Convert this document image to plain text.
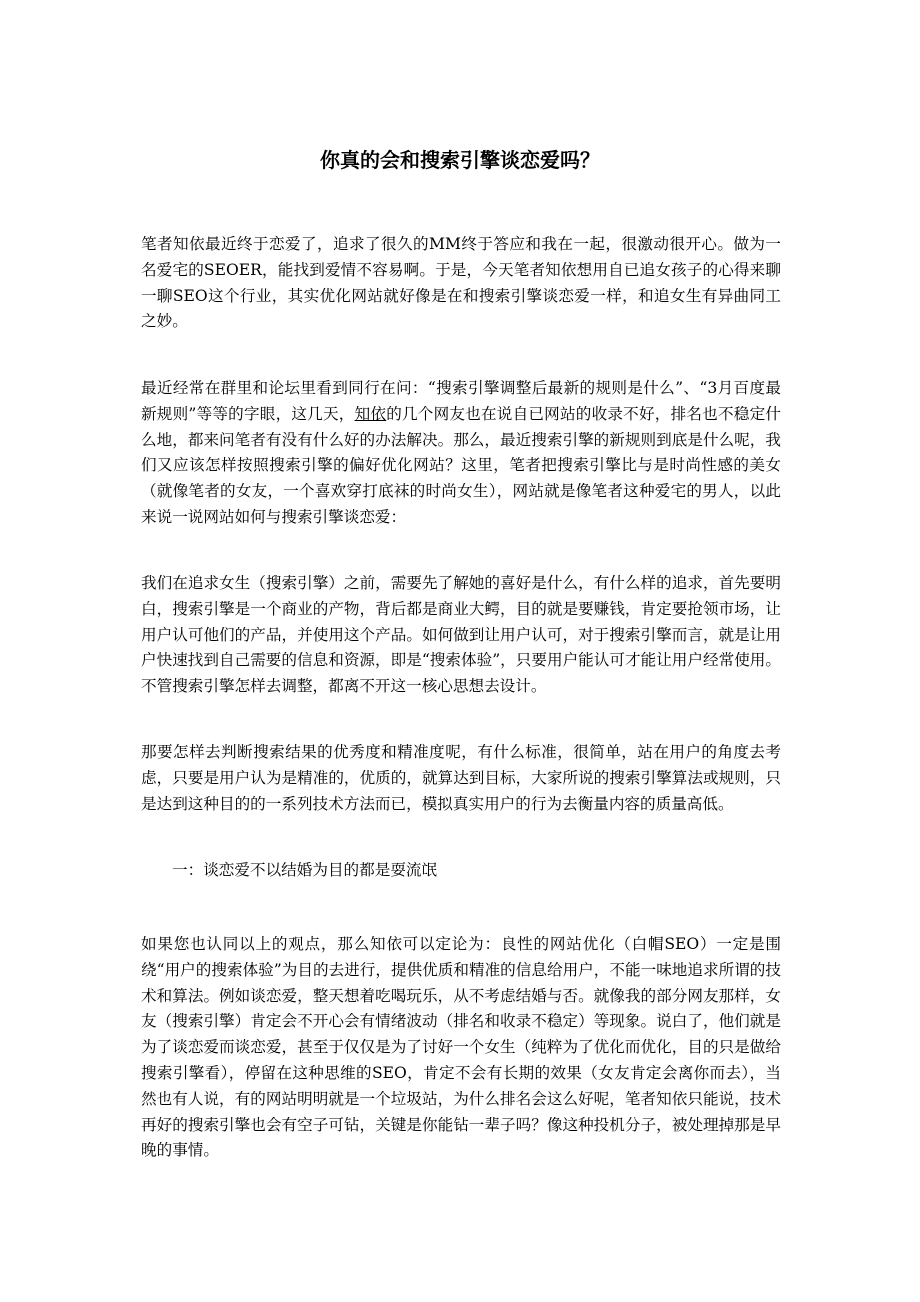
你真的会和搜索引擎谈恋爱吗？

笔者知依最近终于恋爱了，追求了很久的MM终于答应和我在一起，很激动很开心。做为一名爱宅的SEOER，能找到爱情不容易啊。于是，今天笔者知依想用自已追女孩子的心得来聊一聊SEO这个行业，其实优化网站就好像是在和搜索引擎谈恋爱一样，和追女生有异曲同工之妙。

最近经常在群里和论坛里看到同行在问：“搜索引擎调整后最新的规则是什么”、“3月百度最新规则”等等的字眼，这几天，知依的几个网友也在说自已网站的收录不好，排名也不稳定什么地，都来问笔者有没有什么好的办法解决。那么，最近搜索引擎的新规则到底是什么呢，我们又应该怎样按照搜索引擎的偏好优化网站？这里，笔者把搜索引擎比与是时尚性感的美女（就像笔者的女友，一个喜欢穿打底袜的时尚女生），网站就是像笔者这种爱宅的男人，以此来说一说网站如何与搜索引擎谈恋爱：

我们在追求女生（搜索引擎）之前，需要先了解她的喜好是什么，有什么样的追求，首先要明白，搜索引擎是一个商业的产物，背后都是商业大鳄，目的就是要赚钱，肯定要抢领市场，让用户认可他们的产品，并使用这个产品。如何做到让用户认可，对于搜索引擎而言，就是让用户快速找到自己需要的信息和资源，即是“搜索体验”，只要用户能认可才能让用户经常使用。不管搜索引擎怎样去调整，都离不开这一核心思想去设计。

那要怎样去判断搜索结果的优秀度和精准度呢，有什么标准，很简单，站在用户的角度去考虑，只要是用户认为是精准的，优质的，就算达到目标，大家所说的搜索引擎算法或规则，只是达到这种目的的一系列技术方法而已，模拟真实用户的行为去衡量内容的质量高低。

一：谈恋爱不以结婚为目的都是耍流氓

如果您也认同以上的观点，那么知依可以定论为：良性的网站优化（白帽SEO）一定是围绕“用户的搜索体验”为目的去进行，提供优质和精准的信息给用户，不能一味地追求所谓的技术和算法。例如谈恋爱，整天想着吃喝玩乐，从不考虑结婚与否。就像我的部分网友那样，女友（搜索引擎）肯定会不开心会有情绪波动（排名和收录不稳定）等现象。说白了，他们就是为了谈恋爱而谈恋爱，甚至于仅仅是为了讨好一个女生（纯粹为了优化而优化，目的只是做给搜索引擎看），停留在这种思维的SEO，肯定不会有长期的效果（女友肯定会离你而去），当然也有人说，有的网站明明就是一个垃圾站，为什么排名会这么好呢，笔者知依只能说，技术再好的搜索引擎也会有空子可钻，关键是你能钻一辈子吗？像这种投机分子，被处理掉那是早晚的事情。
